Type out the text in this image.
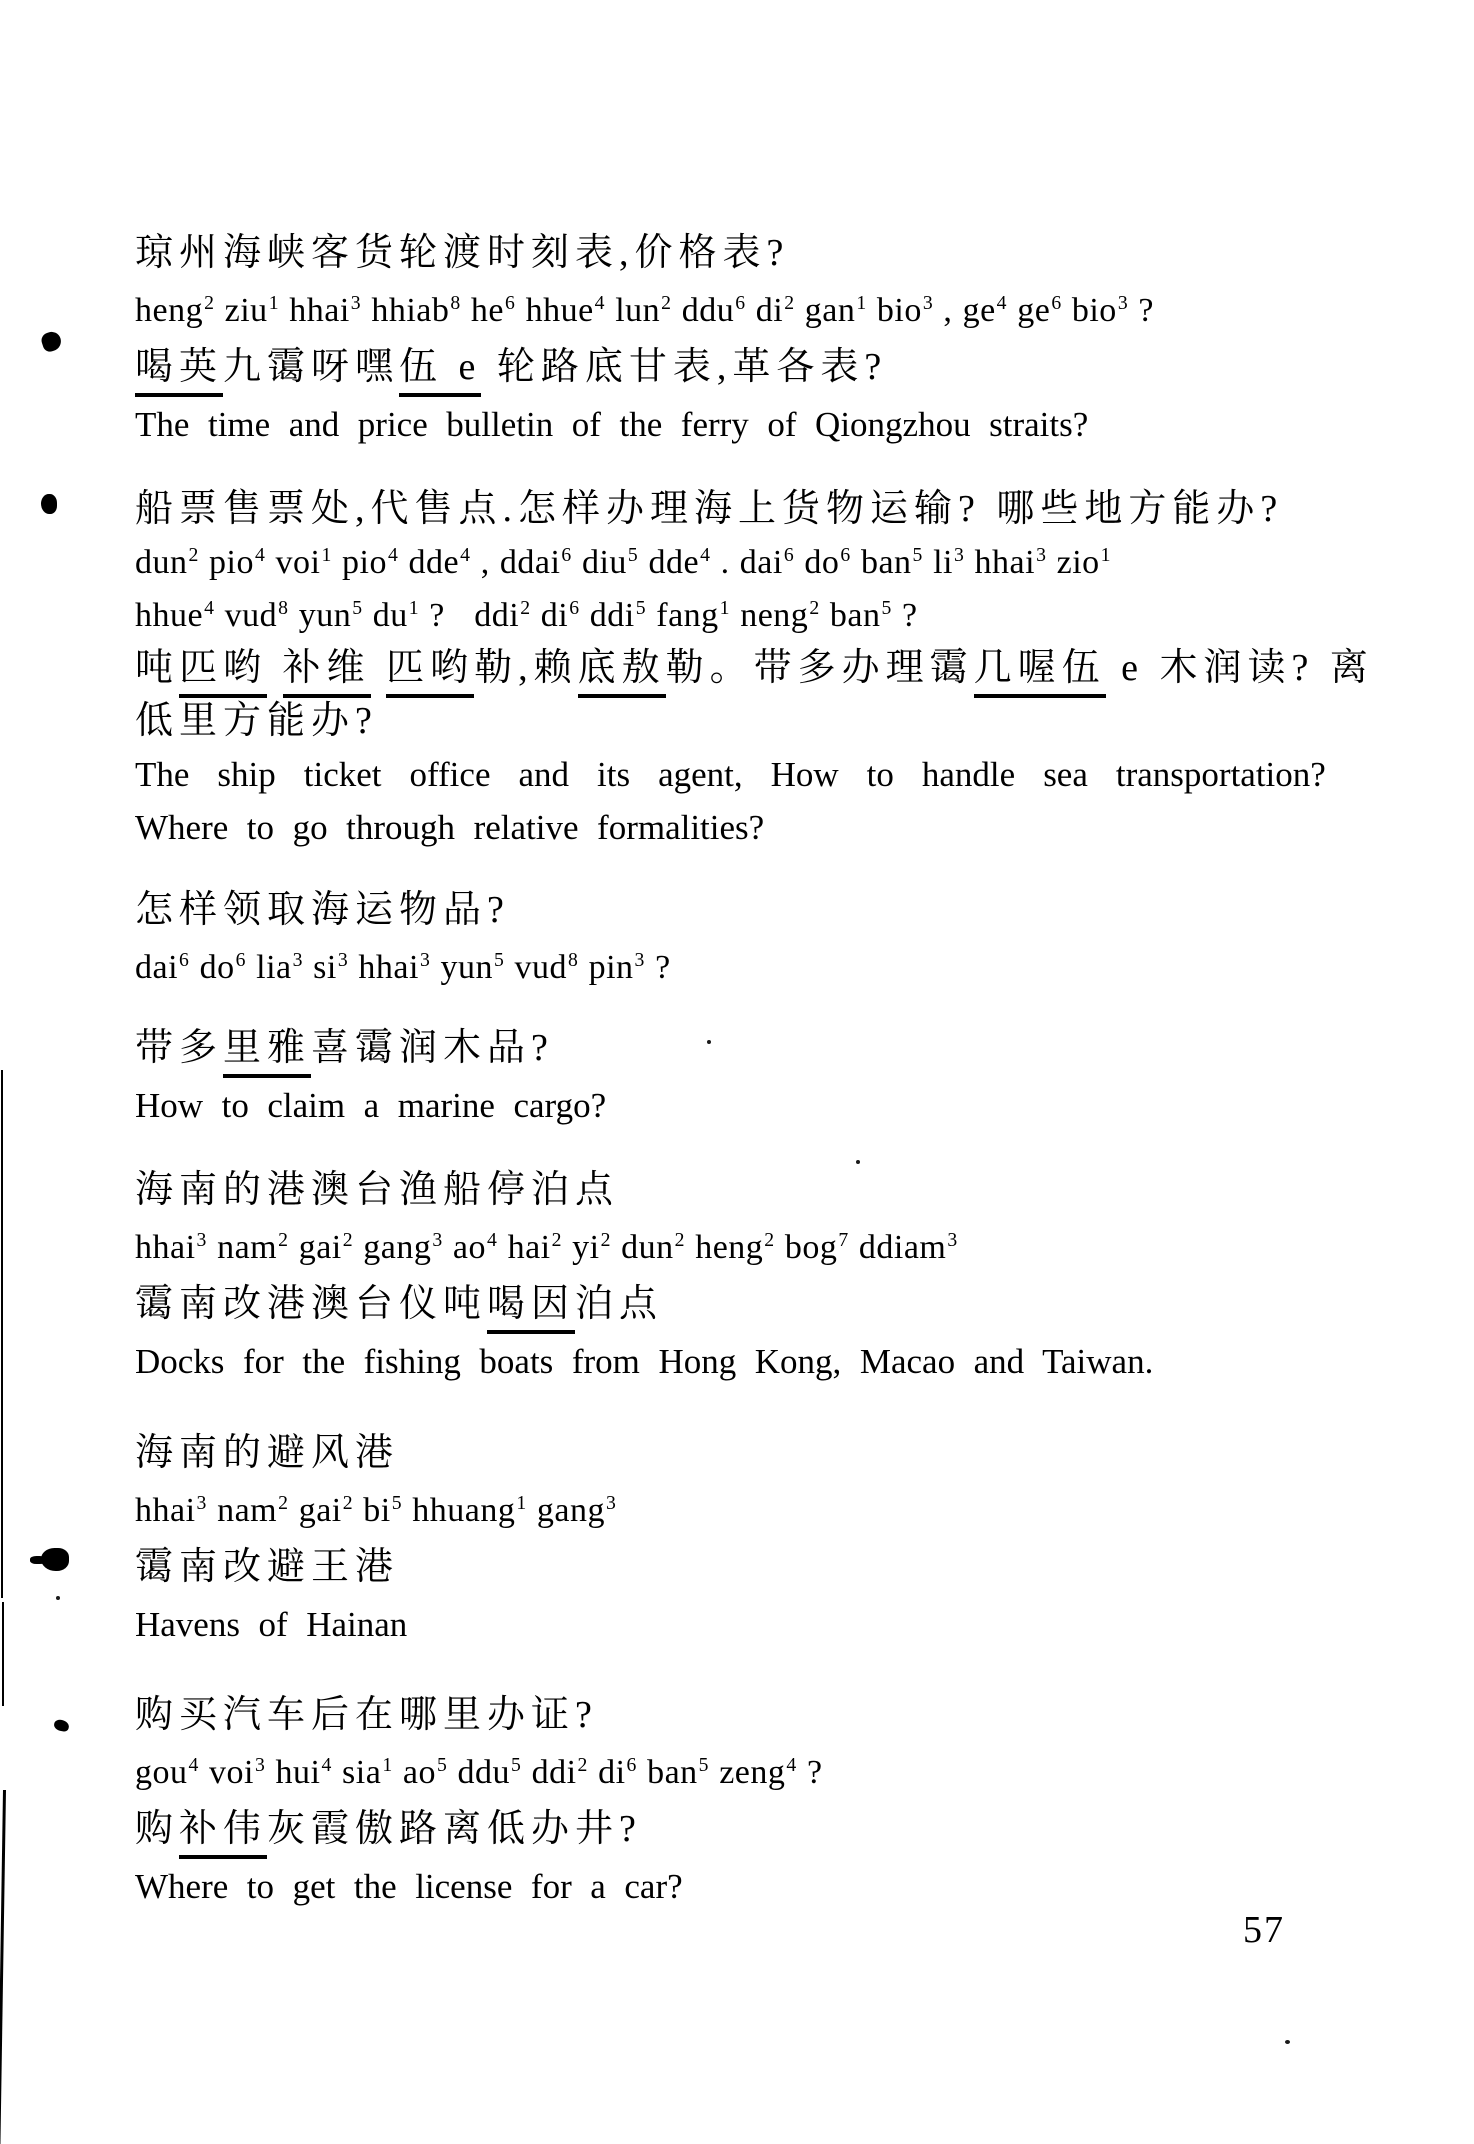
琼州海峡客货轮渡时刻表,价格表?
heng$^2$ ziu$^1$ hhai$^3$ hhiab$^8$ $he^6$ hhue$^4$ lun$^2$ ddu$^6$ $di^2$ gan$^1$ bio$^3$ , $ge^4$ $ge^6$ bio$^3$ ?
喝英九霭呀嘿伍 e 轮路底甘表,革各表?
The time and price bulletin of the ferry of Qiongzhou straits?
船票售票处,代售点.怎样办理海上货物运输? 哪些地方能办?
dun$^2$ pio$^4$ voi$^1$ pio$^4$ dde$^4$ , ddai$^6$ diu$^5$ dde$^4$ . dai$^6$ $do^6$ ban$^5$ $li^3$ hhai$^3$ zio$^1$
hhue$^4$ vud$^8$ yun$^5$ $du^1$ ? ddi$^2$ $di^6$ ddi$^5$ fang$^1$ neng$^2$ ban$^5$ ?
吨匹哟 补维 匹哟勒,赖底敖勒。带多办理霭几喔伍 e 木润读? 离
低里方能办?
The ship ticket office and its agent, How to handle sea transportation?
Where to go through relative formalities?
怎样领取海运物品?
dai$^6$ $do^6$ lia$^3$ $si^3$ hhai$^3$ yun$^5$ vud$^8$ pin$^3$ ?
带多里雅喜霭润木品?
How to claim a marine cargo?
海南的港澳台渔船停泊点
hhai$^3$ nam$^2$ gai$^2$ gang$^3$ $ao^4$ hai$^2$ $yi^2$ dun$^2$ heng$^2$ bog$^7$ ddiam$^3$
霭南改港澳台仪吨喝因泊点
Docks for the fishing boats from Hong Kong, Macao and Taiwan.
海南的避风港
hhai$^3$ nam$^2$ gai$^2$ $bi^5$ hhuang$^1$ gang$^3$
霭南改避王港
Havens of Hainan
购买汽车后在哪里办证?
gou$^4$ voi$^3$ hui$^4$ sia$^1$ $ao^5$ ddu$^5$ ddi$^2$ $di^6$ ban$^5$ zeng$^4$ ?
购补伟灰霞傲路离低办井?
Where to get the license for a car?
57
